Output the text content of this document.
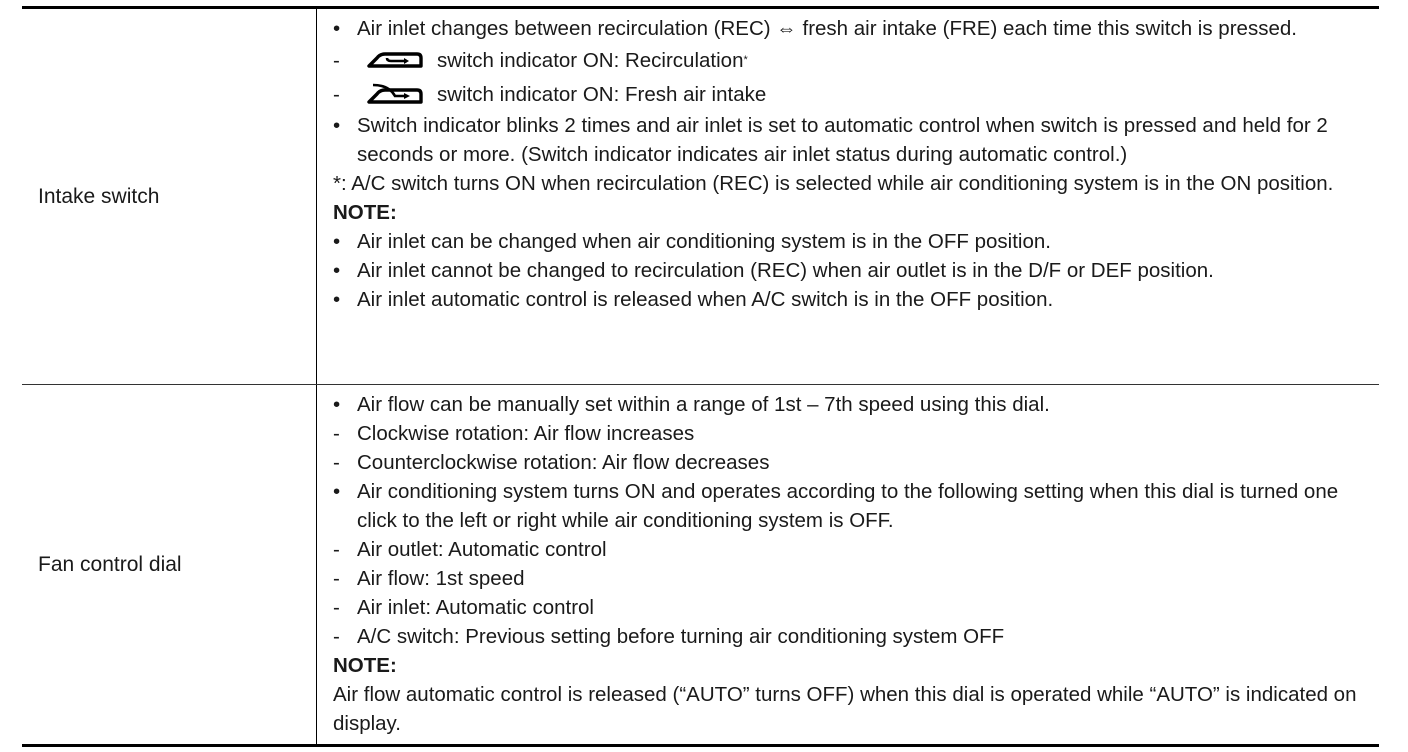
Intake switch
• Air inlet changes between recirculation (REC) ⇔ fresh air intake (FRE) each time this switch is pressed.
-	switch indicator ON: Recirculation *
-	switch indicator ON: Fresh air intake
• Switch indicator blinks 2 times and air inlet is set to automatic control when switch is pressed and held for 2 seconds or more. (Switch indicator indicates air inlet status during automatic control.)
*: A/C switch turns ON when recirculation (REC) is selected while air conditioning system is in the ON position.
NOTE:
• Air inlet can be changed when air conditioning system is in the OFF position.
• Air inlet cannot be changed to recirculation (REC) when air outlet is in the D/F or DEF position.
• Air inlet automatic control is released when A/C switch is in the OFF position.
Fan control dial
• Air flow can be manually set within a range of 1st – 7th speed using this dial.
- Clockwise rotation: Air flow increases
- Counterclockwise rotation: Air flow decreases
• Air conditioning system turns ON and operates according to the following setting when this dial is turned one click to the left or right while air conditioning system is OFF.
- Air outlet: Automatic control
- Air flow: 1st speed
- Air inlet: Automatic control
- A/C switch: Previous setting before turning air conditioning system OFF
NOTE:
Air flow automatic control is released (“AUTO” turns OFF) when this dial is operated while “AUTO” is indicated on display.
